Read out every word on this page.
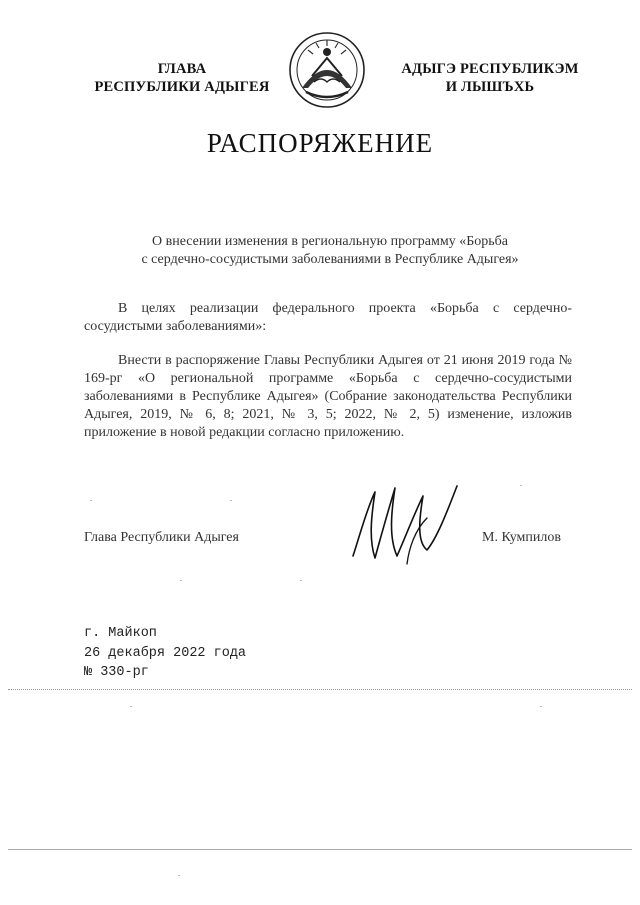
ГЛАВА
РЕСПУБЛИКИ АДЫГЕЯ
АДЫГЭ РЕСПУБЛИКЭМ
И ЛЫШЪХЬ
РАСПОРЯЖЕНИЕ
О внесении изменения в региональную программу «Борьба
с сердечно-сосудистыми заболеваниями в Республике Адыгея»
В целях реализации федерального проекта «Борьба с сердечно-сосудистыми заболеваниями»:
Внести в распоряжение Главы Республики Адыгея от 21 июня 2019 года № 169-рг «О региональной программе «Борьба с сердечно-сосудистыми заболеваниями в Республике Адыгея» (Собрание законодательства Республики Адыгея, 2019, № 6, 8; 2021, № 3, 5; 2022, № 2, 5) изменение, изложив приложение в новой редакции согласно приложению.
Глава Республики Адыгея	М. Кумпилов
г. Майкоп
26 декабря 2022 года
№ 330-рг
